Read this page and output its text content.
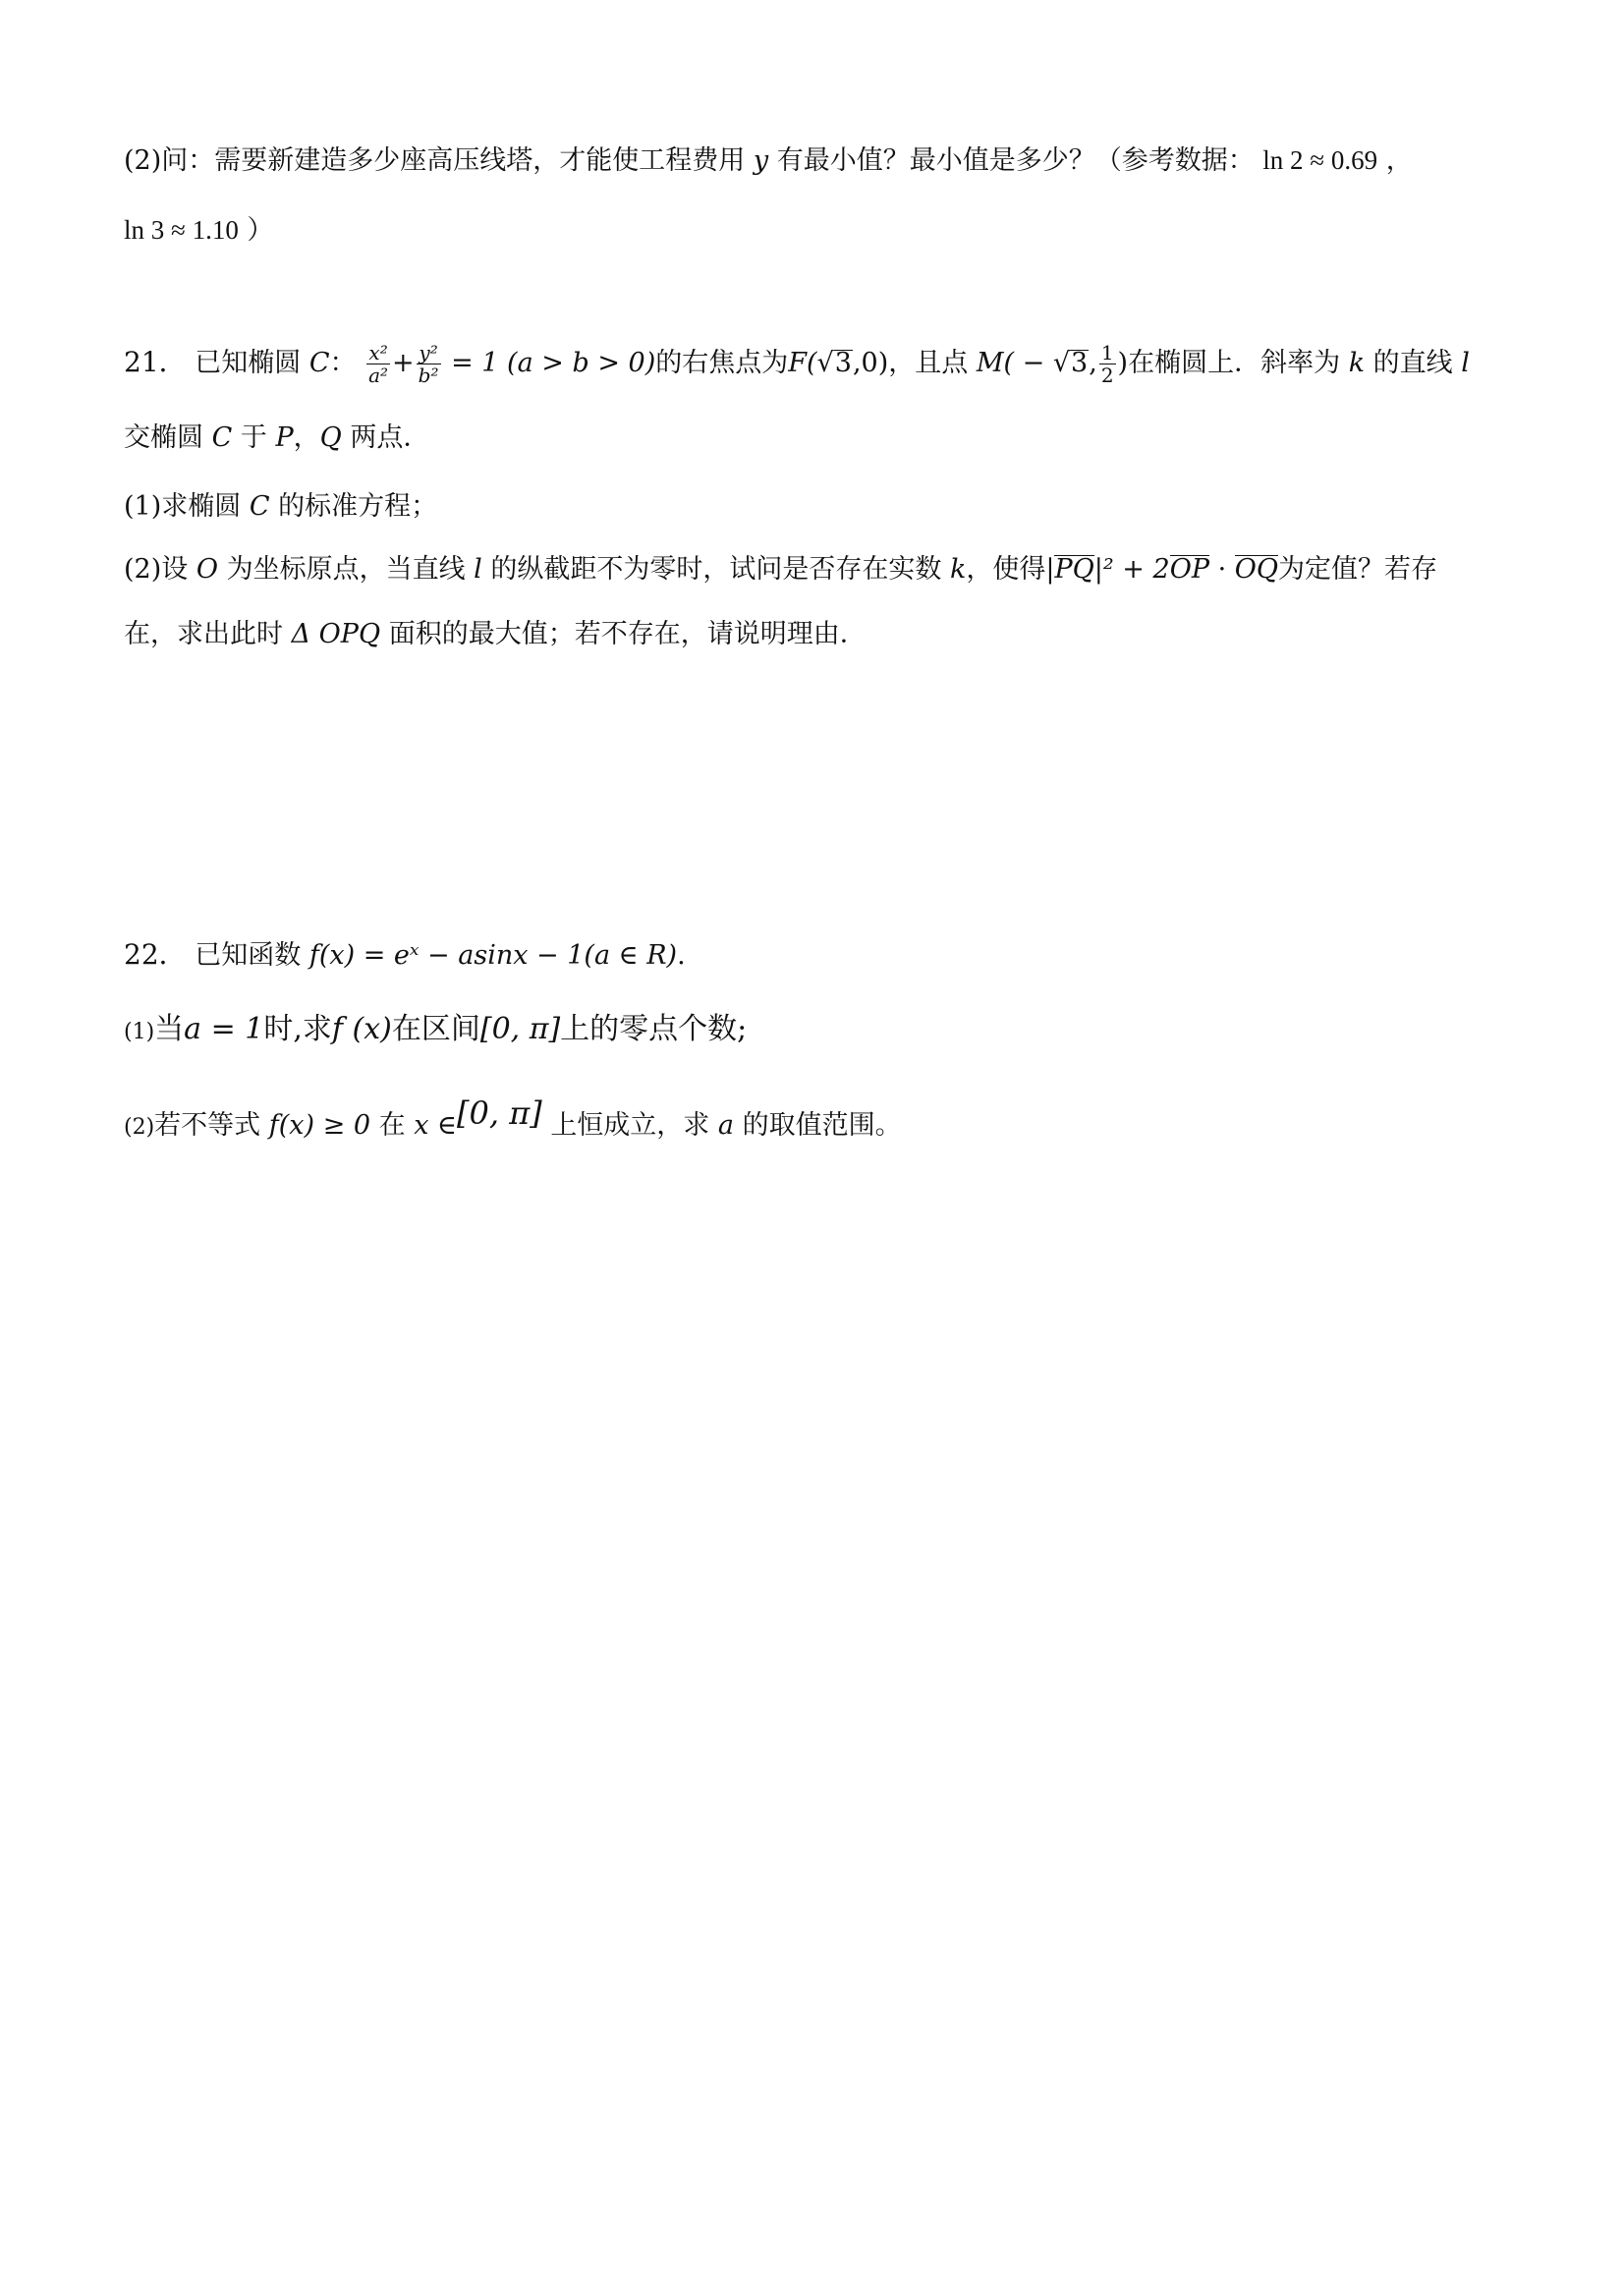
(2)问：需要新建造多少座高压线塔，才能使工程费用 y 有最小值？最小值是多少？（参考数据： ln 2 ≈ 0.69 ，
ln 3 ≈ 1.10 ）
21． 已知椭圆 C： $\frac{\text{x²}}{\text{a²}} + \frac{\text{y²}}{\text{b²}} = 1$ (a > b > 0)的右焦点为F(√3,0)，且点 M( − √3, $\frac{1}{2}$ )在椭圆上．斜率为 k 的直线 l
交椭圆 C 于 P，Q 两点．
(1)求椭圆 C 的标准方程；
(2)设 O 为坐标原点，当直线 l 的纵截距不为零时，试问是否存在实数 k，使得|PQ|² + 2OP · OQ为定值？若存
在，求出此时 Δ OPQ 面积的最大值；若不存在，请说明理由．
22． 已知函数 f(x) = eˣ − asinx − 1(a ∈ R).
(1)当a = 1时,求f (x)在区间[0, π]上的零点个数;
(2)若不等式 f(x) ≥ 0 在 x ∈[0, π] 上恒成立，求 a 的取值范围。
